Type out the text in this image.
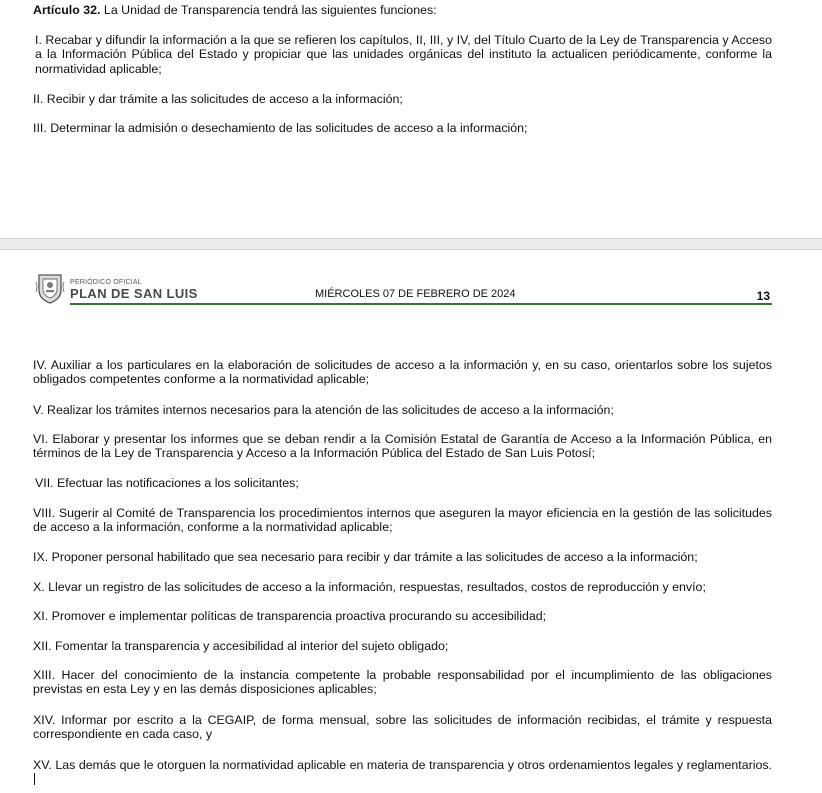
Artículo 32. La Unidad de Transparencia tendrá las siguientes funciones:

I. Recabar y difundir la información a la que se refieren los capítulos, II, III, y IV, del Título Cuarto de la Ley de Transparencia y Acceso a la Información Pública del Estado y propiciar que las unidades orgánicas del instituto la actualicen periódicamente, conforme la normatividad aplicable;

II. Recibir y dar trámite a las solicitudes de acceso a la información;

III. Determinar la admisión o desechamiento de las solicitudes de acceso a la información;

PERIÓDICO OFICIAL
PLAN DE SAN LUIS	MIÉRCOLES 07 DE FEBRERO DE 2024	13

IV. Auxiliar a los particulares en la elaboración de solicitudes de acceso a la información y, en su caso, orientarlos sobre los sujetos obligados competentes conforme a la normatividad aplicable;

V. Realizar los trámites internos necesarios para la atención de las solicitudes de acceso a la información;

VI. Elaborar y presentar los informes que se deban rendir a la Comisión Estatal de Garantía de Acceso a la Información Pública, en términos de la Ley de Transparencia y Acceso a la Información Pública del Estado de San Luis Potosí;

VII. Efectuar las notificaciones a los solicitantes;

VIII. Sugerir al Comité de Transparencia los procedimientos internos que aseguren la mayor eficiencia en la gestión de las solicitudes de acceso a la información, conforme a la normatividad aplicable;

IX. Proponer personal habilitado que sea necesario para recibir y dar trámite a las solicitudes de acceso a la información;

X. Llevar un registro de las solicitudes de acceso a la información, respuestas, resultados, costos de reproducción y envío;

XI. Promover e implementar políticas de transparencia proactiva procurando su accesibilidad;

XII. Fomentar la transparencia y accesibilidad al interior del sujeto obligado;

XIII. Hacer del conocimiento de la instancia competente la probable responsabilidad por el incumplimiento de las obligaciones previstas en esta Ley y en las demás disposiciones aplicables;

XIV. Informar por escrito a la CEGAIP, de forma mensual, sobre las solicitudes de información recibidas, el trámite y respuesta correspondiente en cada caso, y

XV. Las demás que le otorguen la normatividad aplicable en materia de transparencia y otros ordenamientos legales y reglamentarios.
